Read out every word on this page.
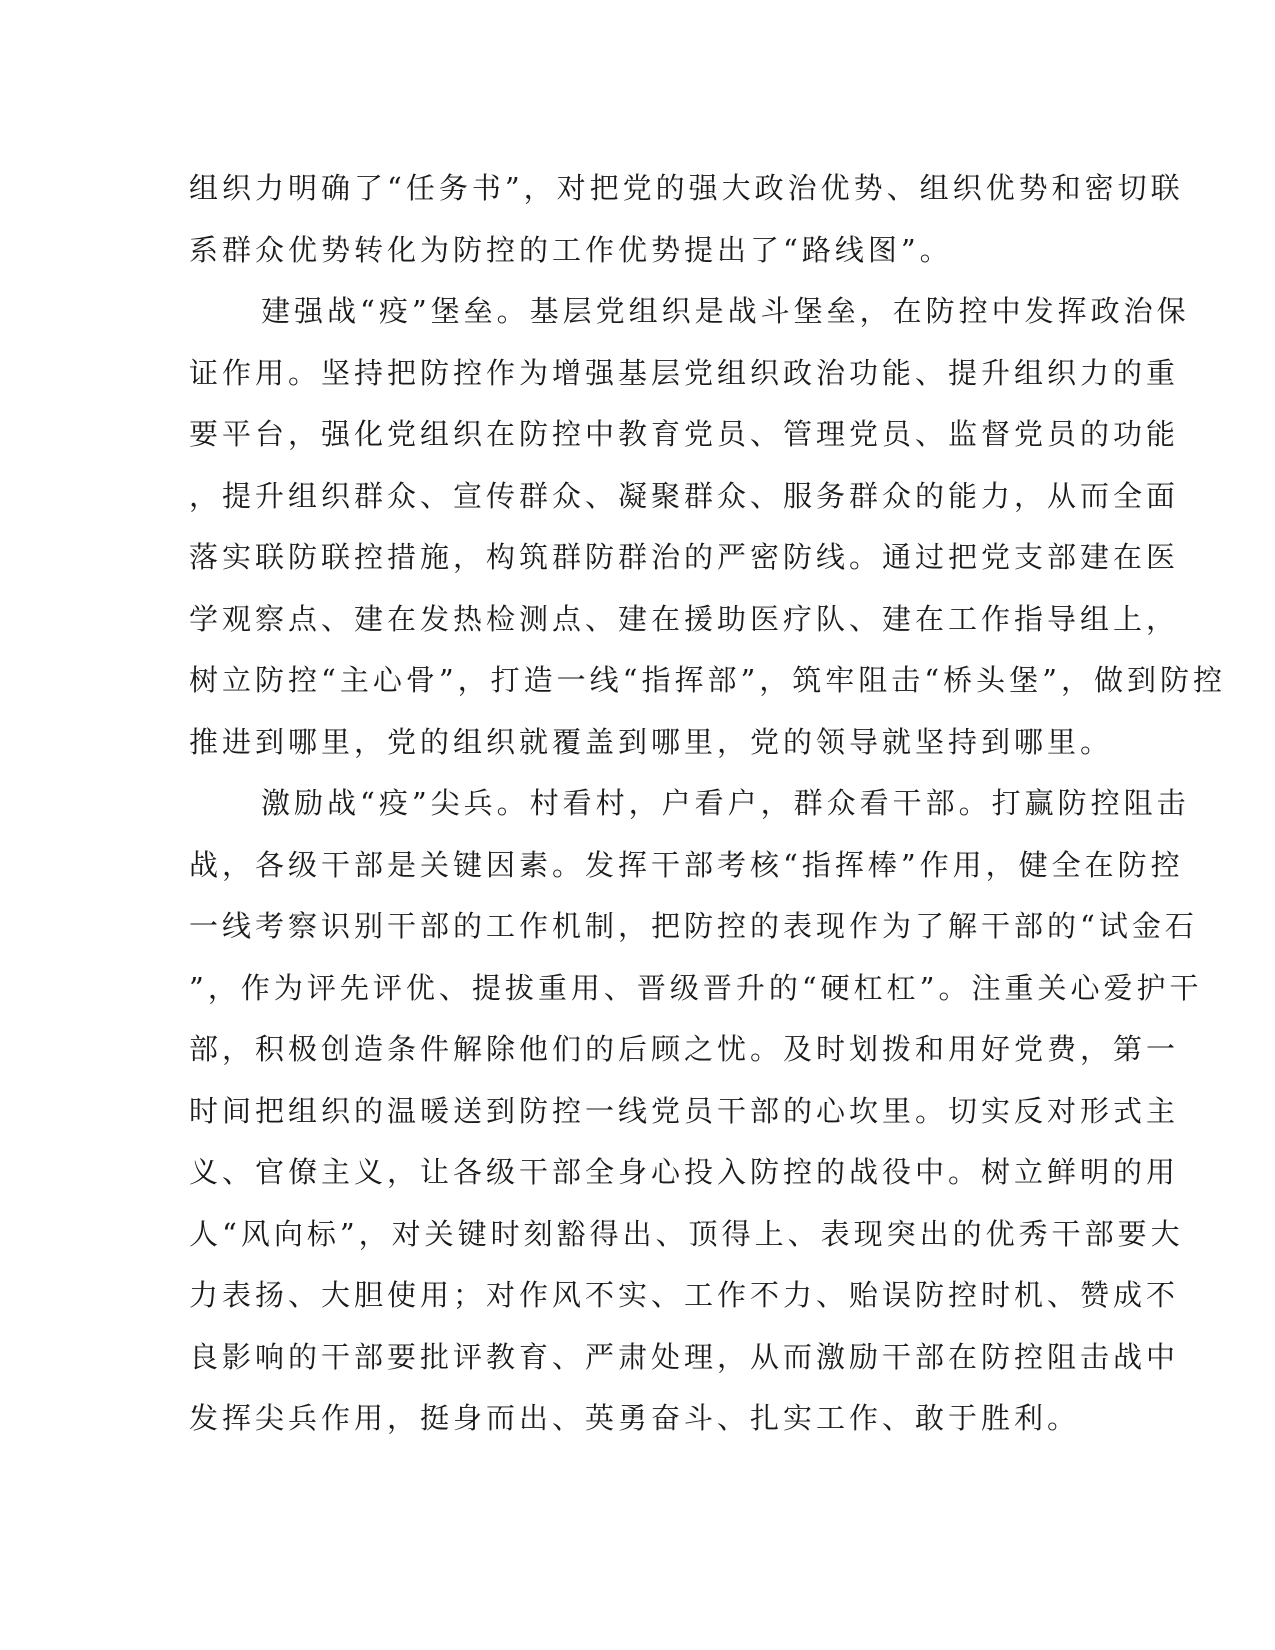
组织力明确了“任务书”，对把党的强大政治优势、组织优势和密切联
系群众优势转化为防控的工作优势提出了“路线图”。
建强战“疫”堡垒。基层党组织是战斗堡垒，在防控中发挥政治保
证作用。坚持把防控作为增强基层党组织政治功能、提升组织力的重
要平台，强化党组织在防控中教育党员、管理党员、监督党员的功能
，提升组织群众、宣传群众、凝聚群众、服务群众的能力，从而全面
落实联防联控措施，构筑群防群治的严密防线。通过把党支部建在医
学观察点、建在发热检测点、建在援助医疗队、建在工作指导组上，
树立防控“主心骨”，打造一线“指挥部”，筑牢阻击“桥头堡”，做到防控
推进到哪里，党的组织就覆盖到哪里，党的领导就坚持到哪里。
激励战“疫”尖兵。村看村，户看户，群众看干部。打赢防控阻击
战，各级干部是关键因素。发挥干部考核“指挥棒”作用，健全在防控
一线考察识别干部的工作机制，把防控的表现作为了解干部的“试金石
”，作为评先评优、提拔重用、晋级晋升的“硬杠杠”。注重关心爱护干
部，积极创造条件解除他们的后顾之忧。及时划拨和用好党费，第一
时间把组织的温暖送到防控一线党员干部的心坎里。切实反对形式主
义、官僚主义，让各级干部全身心投入防控的战役中。树立鲜明的用
人“风向标”，对关键时刻豁得出、顶得上、表现突出的优秀干部要大
力表扬、大胆使用；对作风不实、工作不力、贻误防控时机、赞成不
良影响的干部要批评教育、严肃处理，从而激励干部在防控阻击战中
发挥尖兵作用，挺身而出、英勇奋斗、扎实工作、敢于胜利。
